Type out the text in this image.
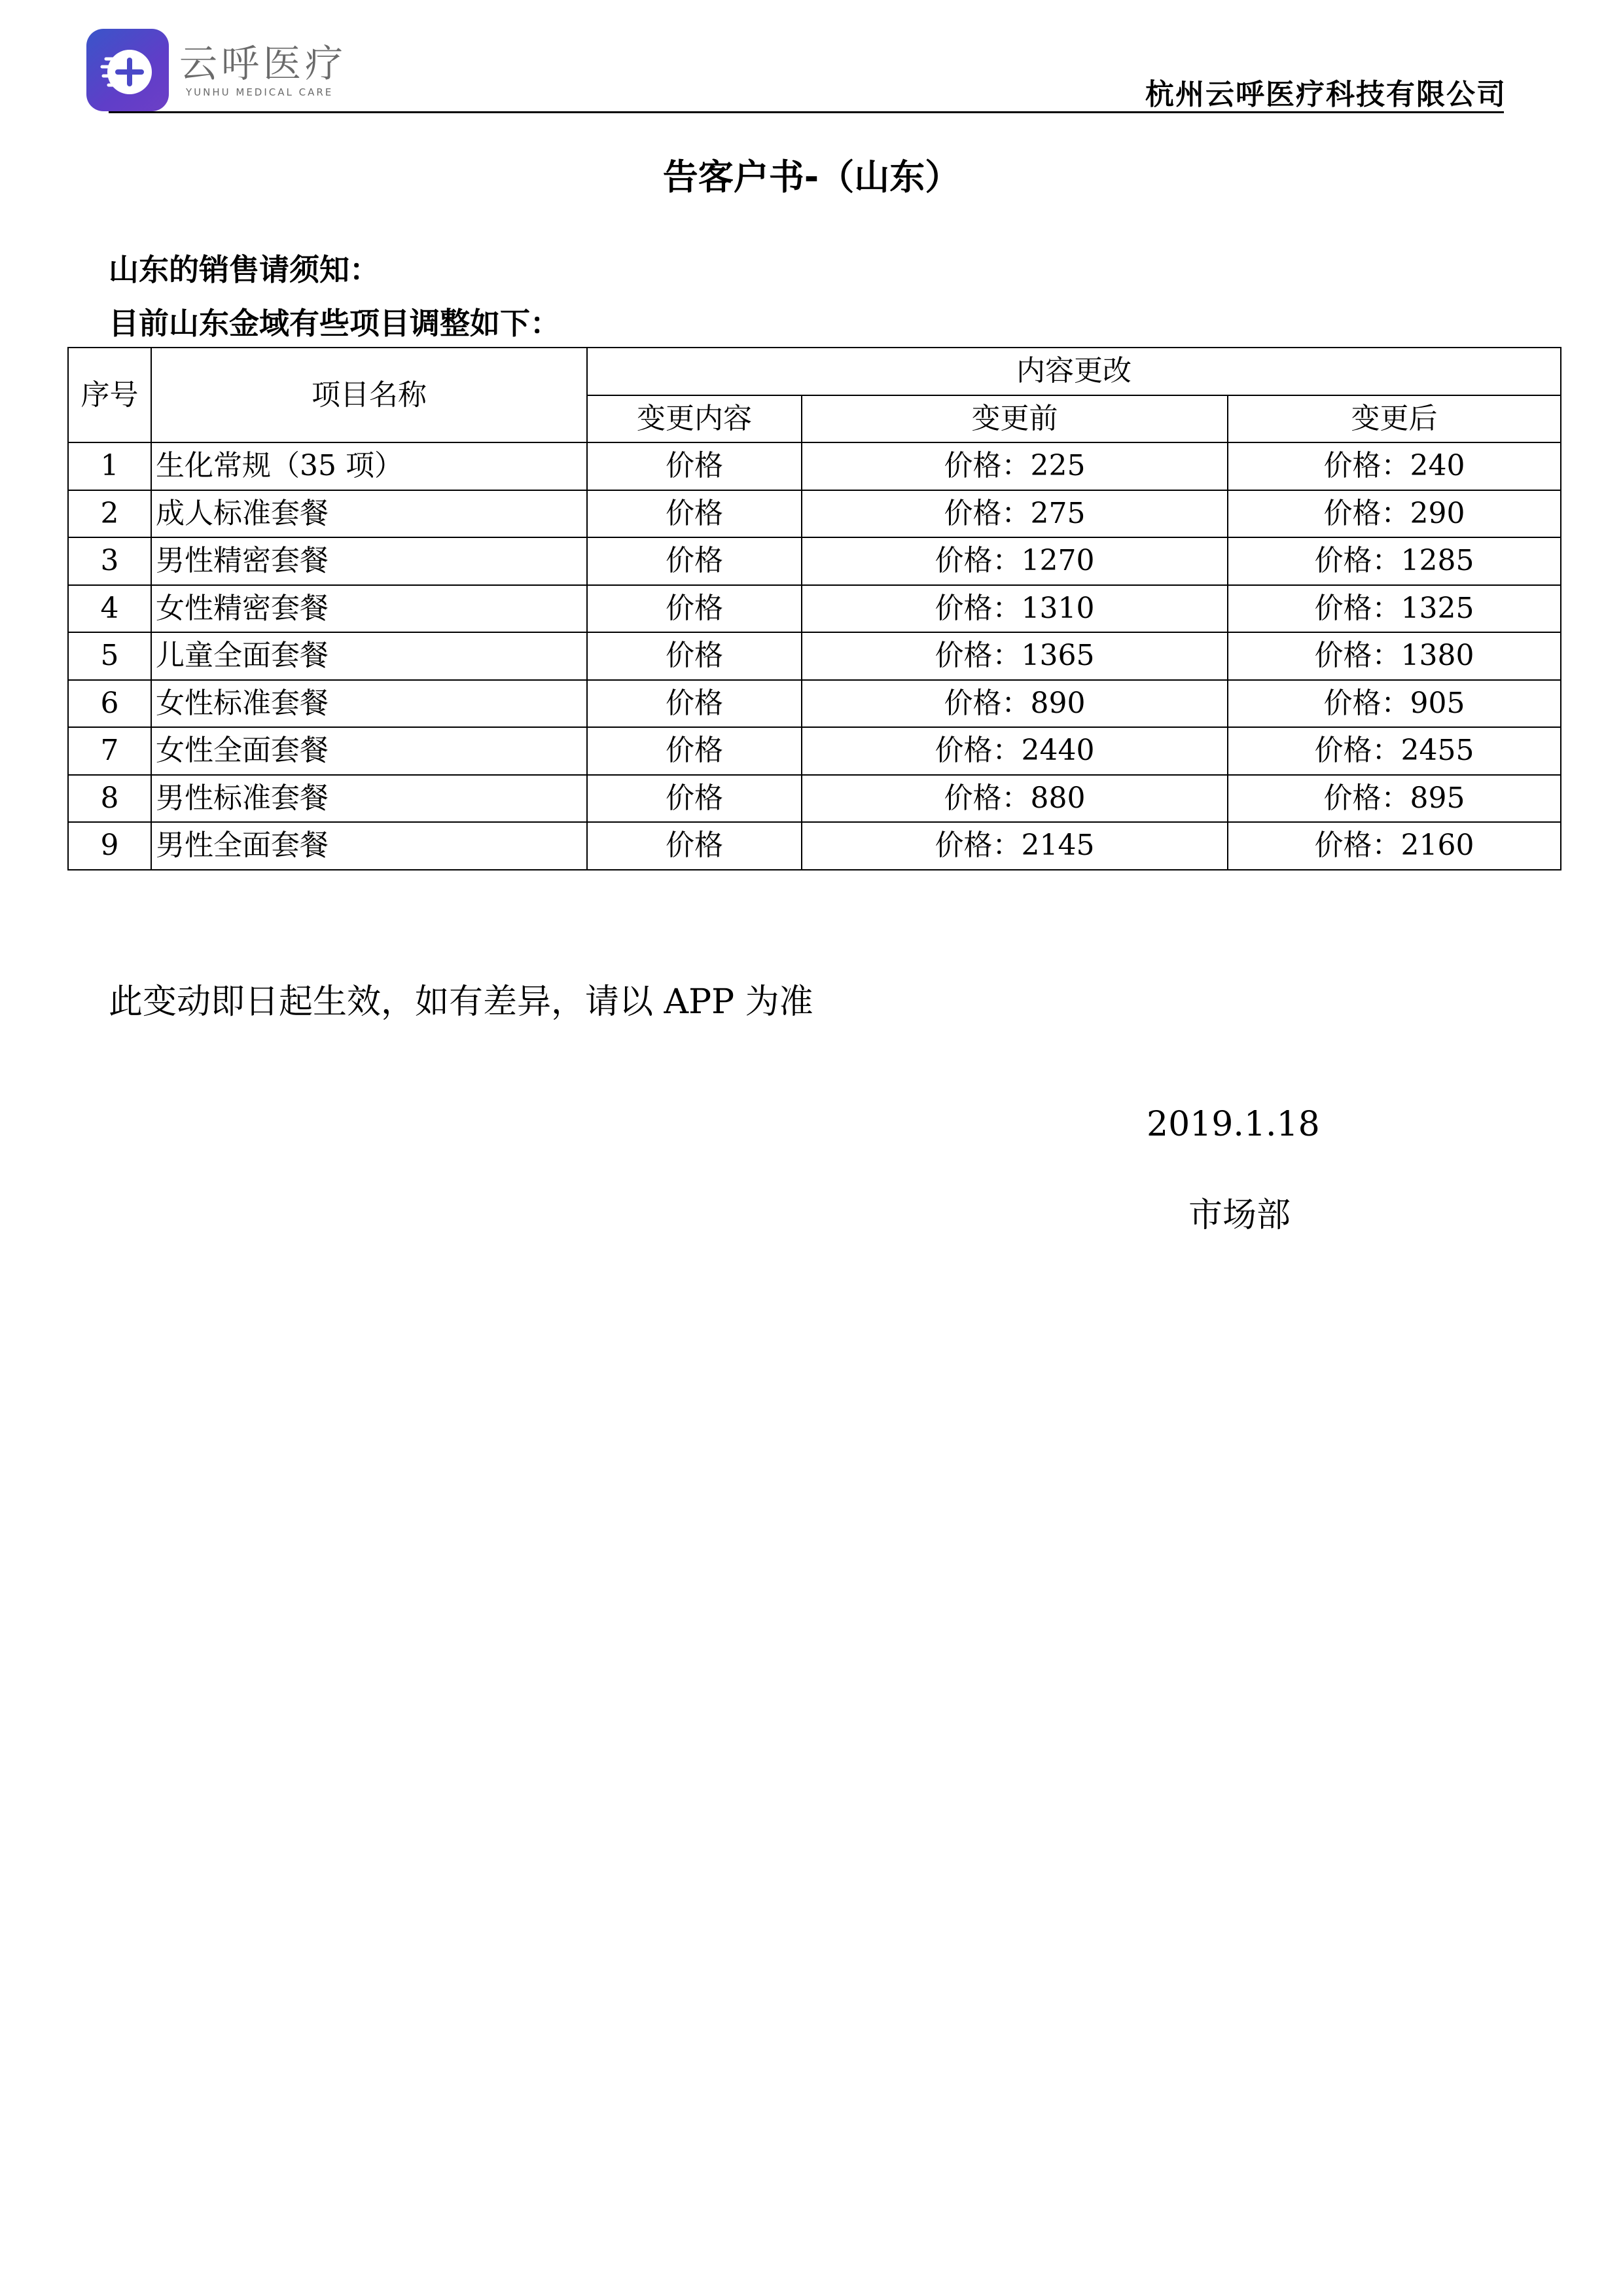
云呼医疗
YUNHU MEDICAL CARE	杭州云呼医疗科技有限公司
告客户书-（山东）
山东的销售请须知：
目前山东金域有些项目调整如下：
序号	项目名称	内容更改		
		变更内容	变更前	变更后
1	生化常规（35 项）	价格	价格：225	价格：240
2	成人标准套餐	价格	价格：275	价格：290
3	男性精密套餐	价格	价格：1270	价格：1285
4	女性精密套餐	价格	价格：1310	价格：1325
5	儿童全面套餐	价格	价格：1365	价格：1380
6	女性标准套餐	价格	价格：890	价格：905
7	女性全面套餐	价格	价格：2440	价格：2455
8	男性标准套餐	价格	价格：880	价格：895
9	男性全面套餐	价格	价格：2145	价格：2160
此变动即日起生效，如有差异，请以 APP 为准
2019.1.18
市场部
